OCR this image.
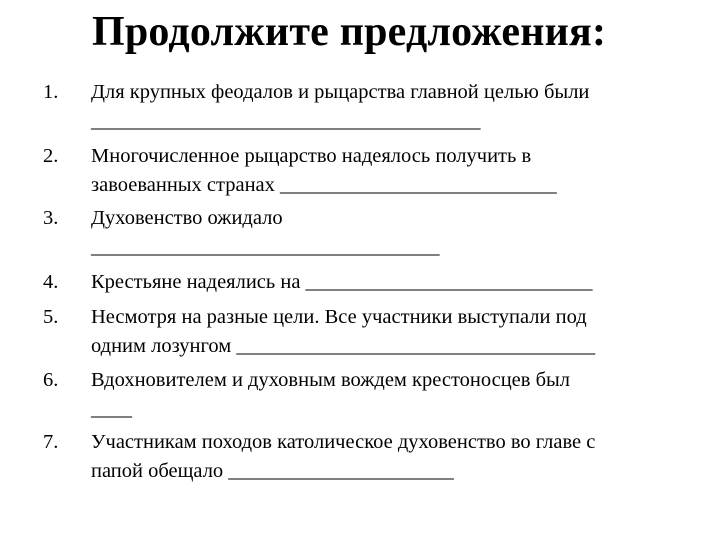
Продолжите предложения:
1. Для крупных феодалов и рыцарства главной целью были
______________________________________
2. Многочисленное рыцарство надеялось получить в
завоеванных странах ___________________________
3. Духовенство ожидало
__________________________________
4. Крестьяне надеялись на ____________________________
5. Несмотря на разные цели. Все участники выступали под
одним лозунгом ___________________________________
6. Вдохновителем и духовным вождем крестоносцев был
____
7. Участникам походов католическое духовенство во главе с
папой обещало ______________________
